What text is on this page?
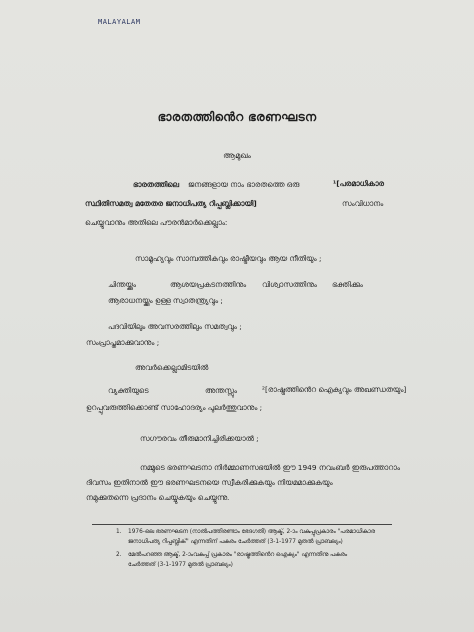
MALAYALAM
ഭാരതത്തിൻെറ ഭരണഘടന
ആമുഖം
ഭാരതത്തിലെ ജനങ്ങളായ നാം ഭാരതത്തെ ഒരു	¹[പരമാധികാര
സ്ഥിതിസമത്വ മതേതര ജനാധിപത്യ റിപ്പബ്ലിക്കായി]	സംവിധാനം
ചെയ്യുവാനും അതിലെ പൗരൻമാർക്കെല്ലാം:
സാമൂഹ്യവും സാമ്പത്തികവും രാഷ്ട്രീയവും ആയ നീതിയും ;
ചിന്തയ്ക്കും	ആശയപ്രകടനത്തിനും വിശ്വാസത്തിനും ഭക്തിക്കും
ആരാധനയ്ക്കും ഉള്ള സ്വാതന്ത്ര്യവും ;
പദവിയിലും അവസരത്തിലും സമത്വവും ;
സംപ്രാപ്തമാക്കുവാനും ;
അവർക്കെല്ലാമിടയിൽ
വ്യക്തിയുടെ	അന്തസ്സും	²[രാഷ്ട്രത്തിൻെറ ഐക്യവും അഖണ്ഡതയും]
ഉറപ്പുവരുത്തിക്കൊണ്ട് സാഹോദര്യം പുലർത്തുവാനും ;
സഗൗരവം തീരുമാനിച്ചിരിക്കയാൽ ;
നമ്മുടെ ഭരണഘടനാ നിർമ്മാണസഭയിൽ ഈ 1949 നവംബർ ഇരുപത്താറാം
ദിവസം ഇതിനാൽ ഈ ഭരണഘടനയെ സ്വീകരിക്കുകയും നിയമമാക്കുകയും
നമുക്കുതന്നെ പ്രദാനം ചെയ്യുകയും ചെയ്യുന്നു.
1. 1976-ലെ ഭരണഘടന (നാൽപത്തിരണ്ടാം ഭേദഗതി) ആക്ട്, 2-ാം വകുപ്പുപ്രകാരം "പരമാധികാര
ജനാധിപത്യ റിപ്പബ്ലിക്" എന്നതിന് പകരം ചേർത്തത് (3-1-1977 മുതൽ പ്രാബല്യം)
2. മേൽപറഞ്ഞ ആക്ട്, 2-ാംവകുപ്പ് പ്രകാരം "രാഷ്ട്രത്തിൻെറ ഐക്യം" എന്നതിനു പകരം
ചേർത്തത് (3-1-1977 മുതൽ പ്രാബല്യം)
